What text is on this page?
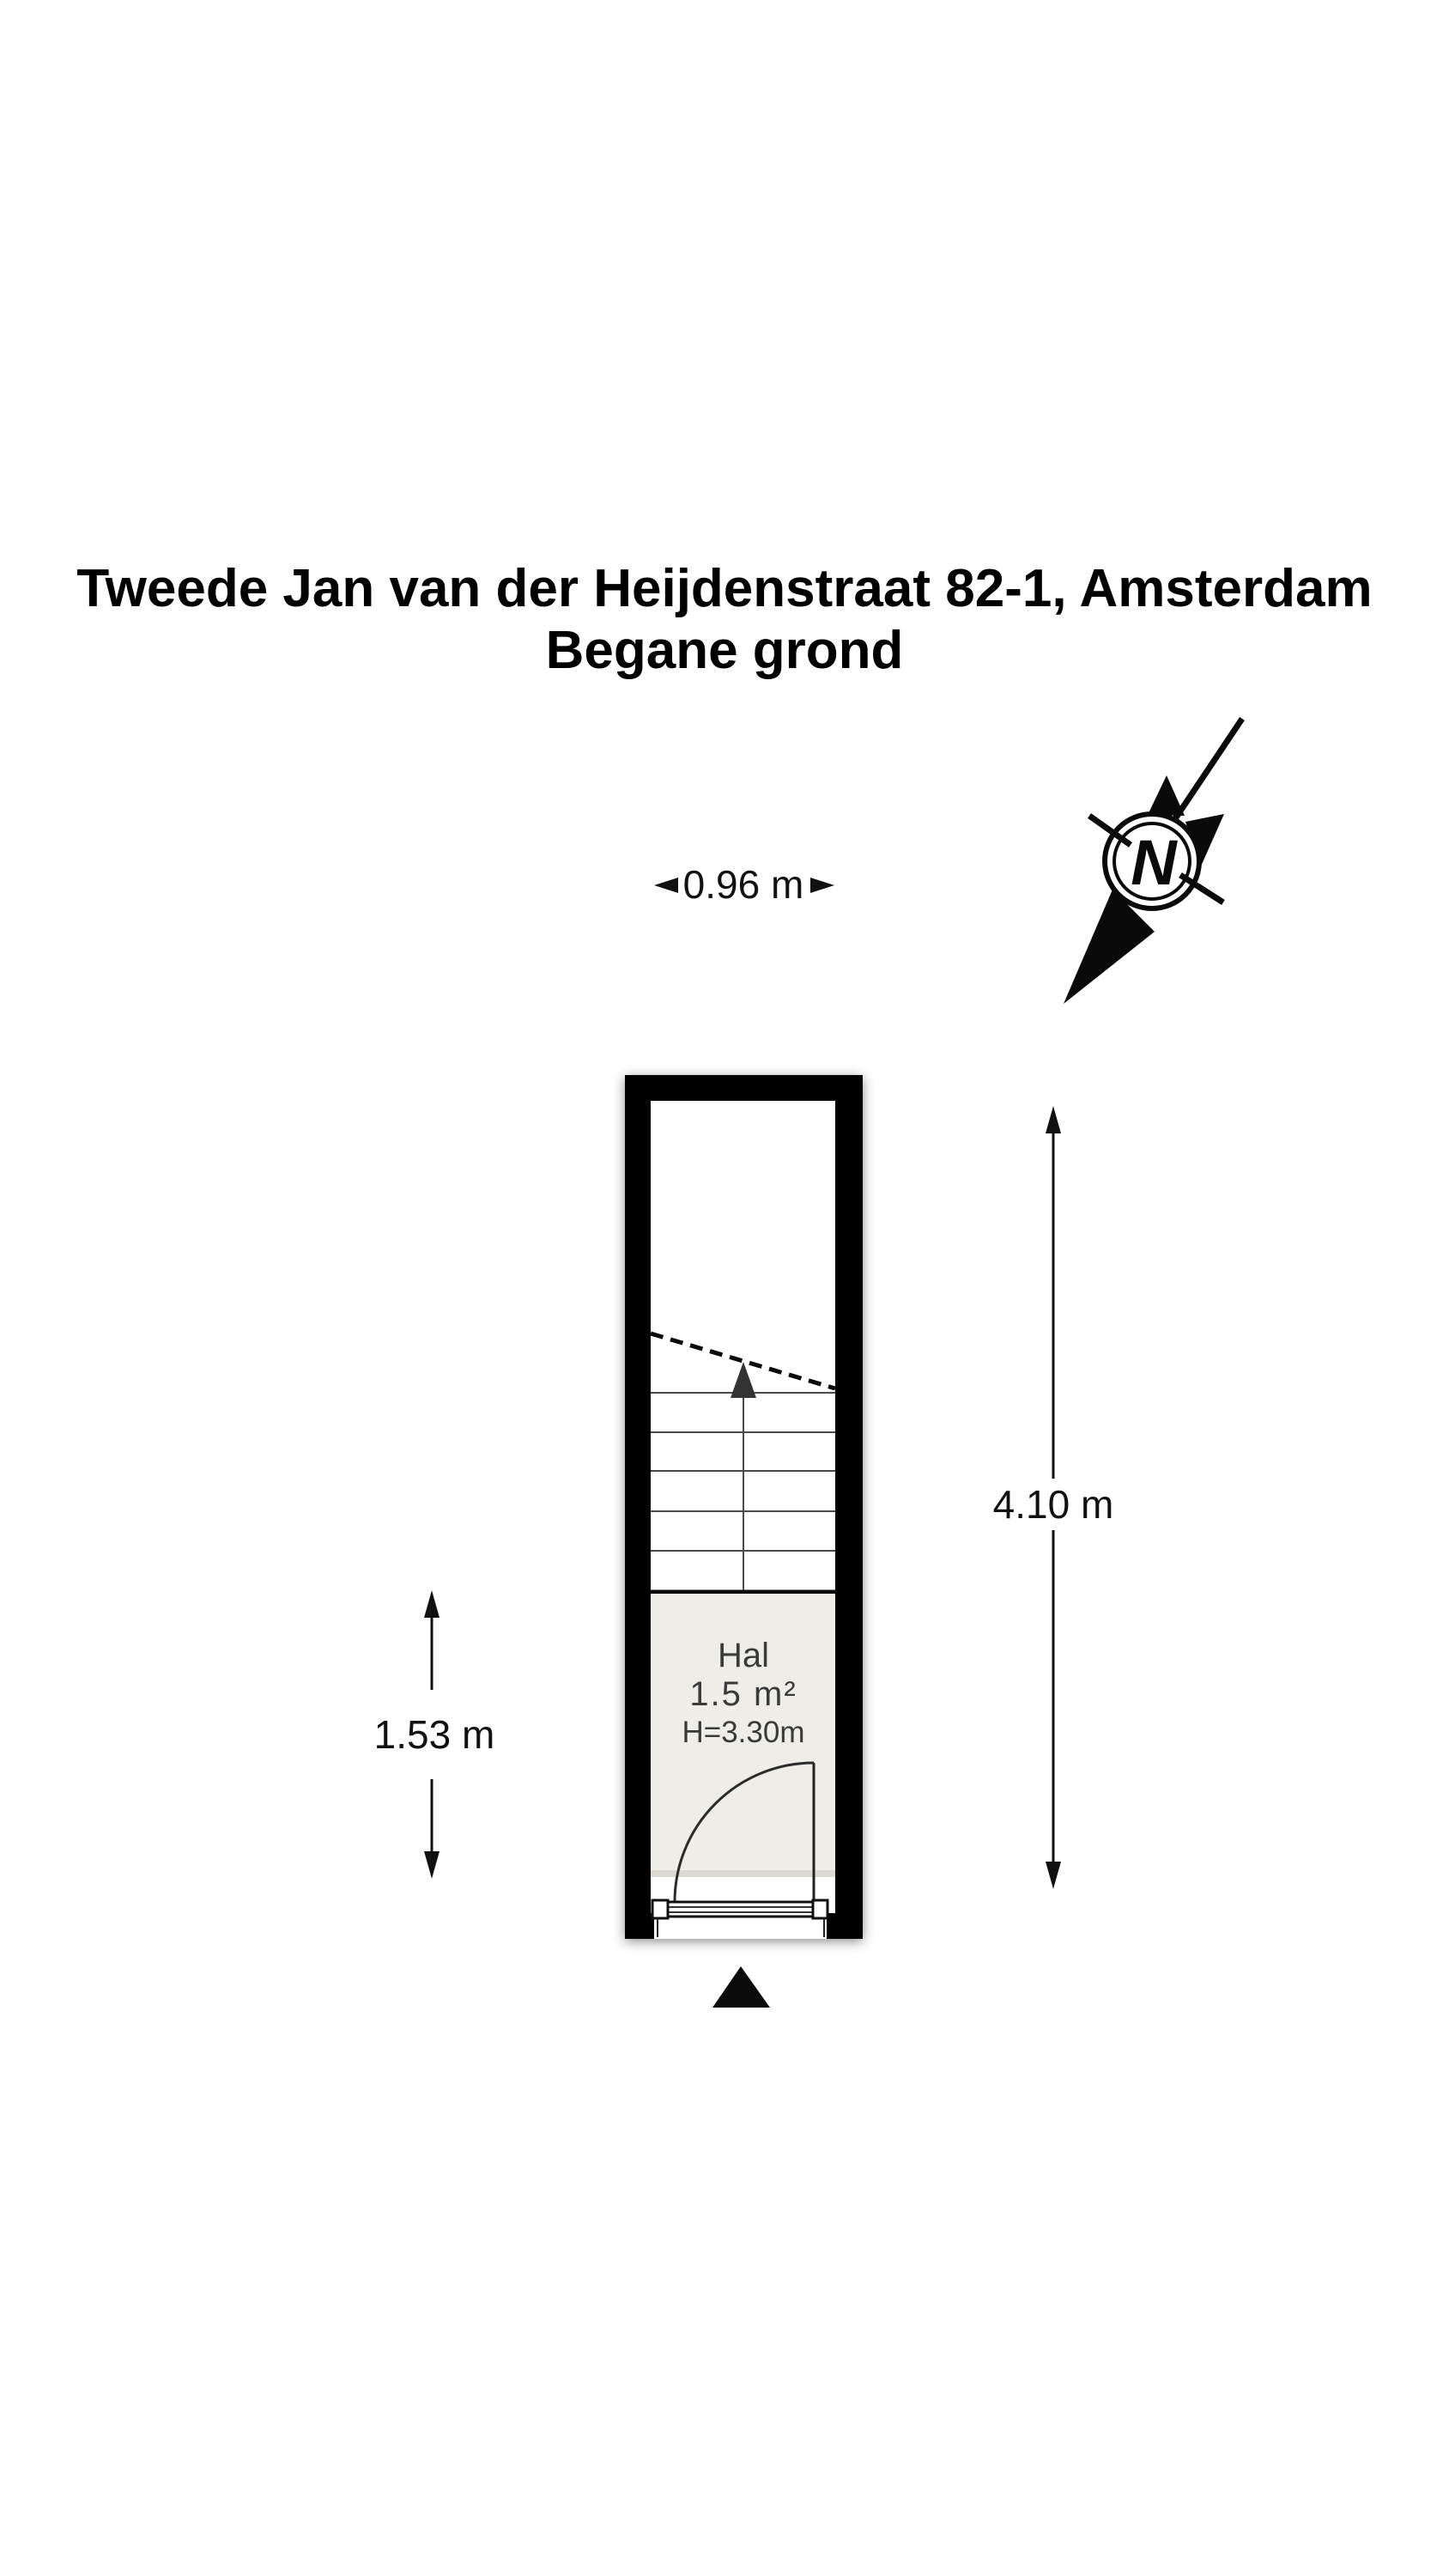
Tweede Jan van der Heijdenstraat 82-1, Amsterdam
Begane grond
N
0.96 m
Hal
1.5 m²
H=3.30m
4.10 m
1.53 m
